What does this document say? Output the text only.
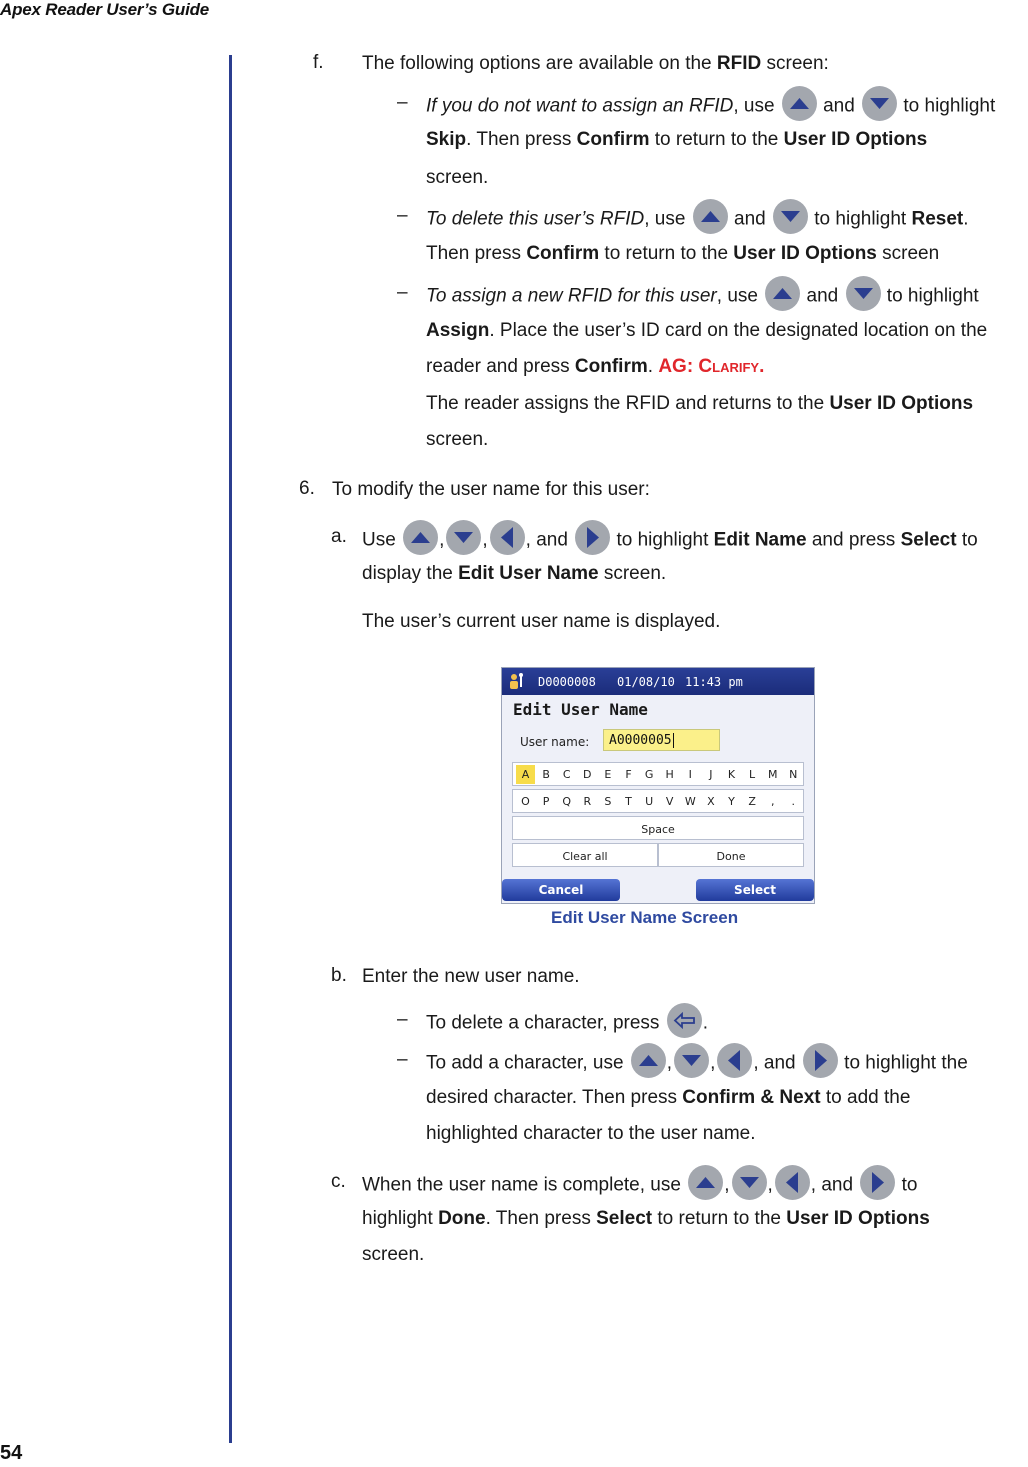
Apex Reader User’s Guide
54
f. The following options are available on the RFID screen:
– If you do not want to assign an RFID, use
and
to highlight
Skip. Then press Confirm to return to the User ID Options
screen.
– To delete this user’s RFID, use
and
to highlight Reset.
Then press Confirm to return to the User ID Options screen
– To assign a new RFID for this user, use
and
to highlight
Assign. Place the user’s ID card on the designated location on the
reader and press Confirm. AG: Clarify.
The reader assigns the RFID and returns to the User ID Options
screen.
6. To modify the user name for this user:
a. Use
, , , and
to highlight Edit Name and press Select to
display the Edit User Name screen.
The user’s current user name is displayed.
D0000008 01/08/10 11:43 pm
Edit User Name
User name:	A0000005
A	B	C	D	E	F	G	H	I	J	K	L	M	N
O	P	Q	R	S	T	U	V	W	X	Y	Z	,	.
Space
Clear all	Done
Cancel	Select
Edit User Name Screen
b. Enter the new user name.
– To delete a character, press
.
– To add a character, use
, , , and
to highlight the
desired character. Then press Confirm & Next to add the
highlighted character to the user name.
c. When the user name is complete, use
, , , and
to
highlight Done. Then press Select to return to the User ID Options
screen.
